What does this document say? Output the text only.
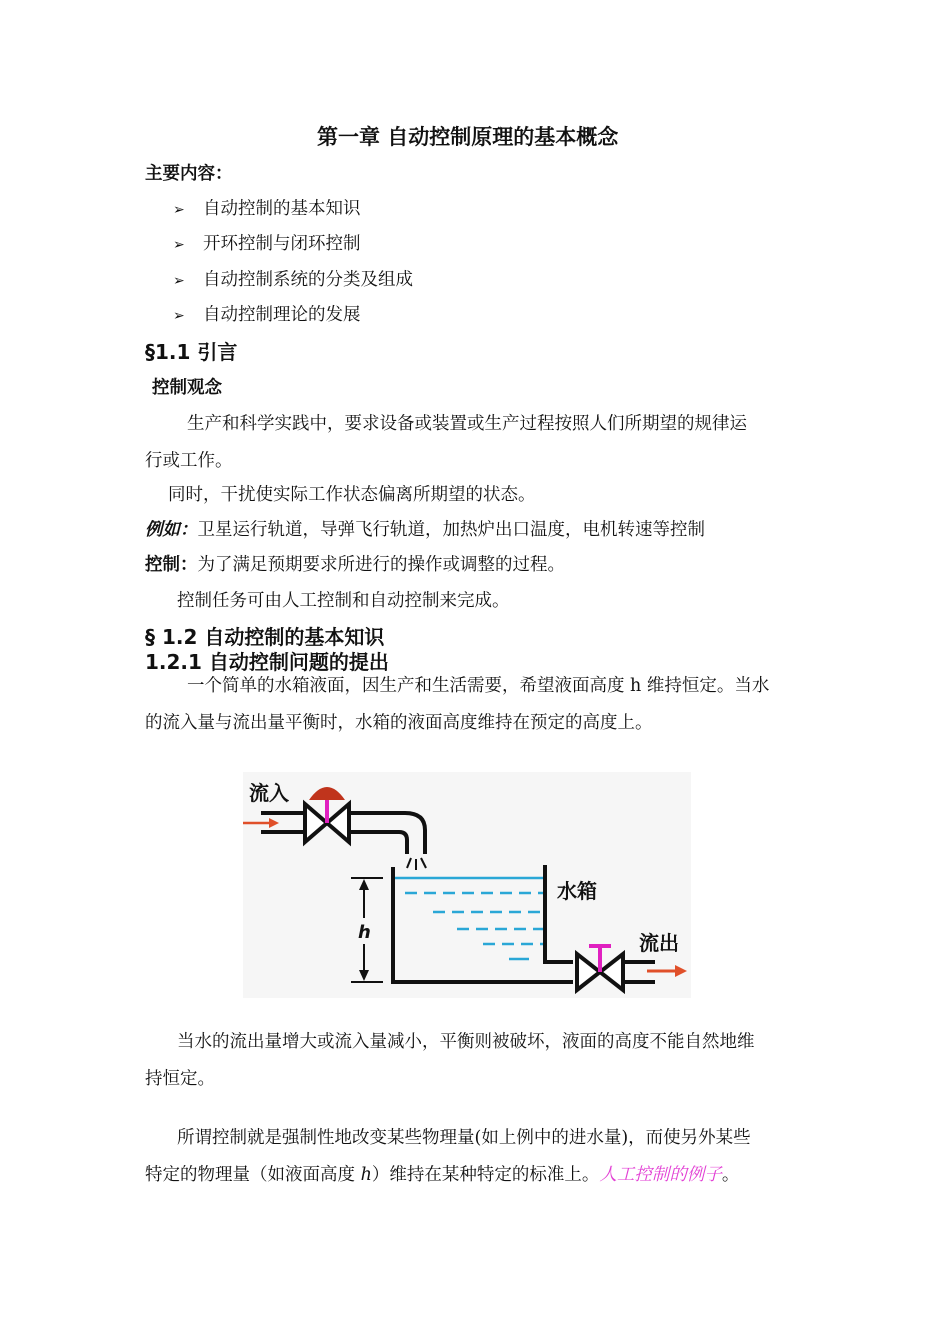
第一章 自动控制原理的基本概念
主要内容：
➢ 自动控制的基本知识
➢ 开环控制与闭环控制
➢ 自动控制系统的分类及组成
➢ 自动控制理论的发展
§1.1 引言
控制观念
生产和科学实践中，要求设备或装置或生产过程按照人们所期望的规律运
行或工作。
同时，干扰使实际工作状态偏离所期望的状态。
例如：卫星运行轨道，导弹飞行轨道，加热炉出口温度，电机转速等控制
控制：为了满足预期要求所进行的操作或调整的过程。
控制任务可由人工控制和自动控制来完成。
§ 1.2 自动控制的基本知识
1.2.1 自动控制问题的提出
一个简单的水箱液面，因生产和生活需要，希望液面高度 h 维持恒定。当水
的流入量与流出量平衡时，水箱的液面高度维持在预定的高度上。
流入
h
水箱
流出
当水的流出量增大或流入量减小，平衡则被破坏，液面的高度不能自然地维
持恒定。
所谓控制就是强制性地改变某些物理量(如上例中的进水量)，而使另外某些
特定的物理量（如液面高度 h）维持在某种特定的标准上。人工控制的例子。
